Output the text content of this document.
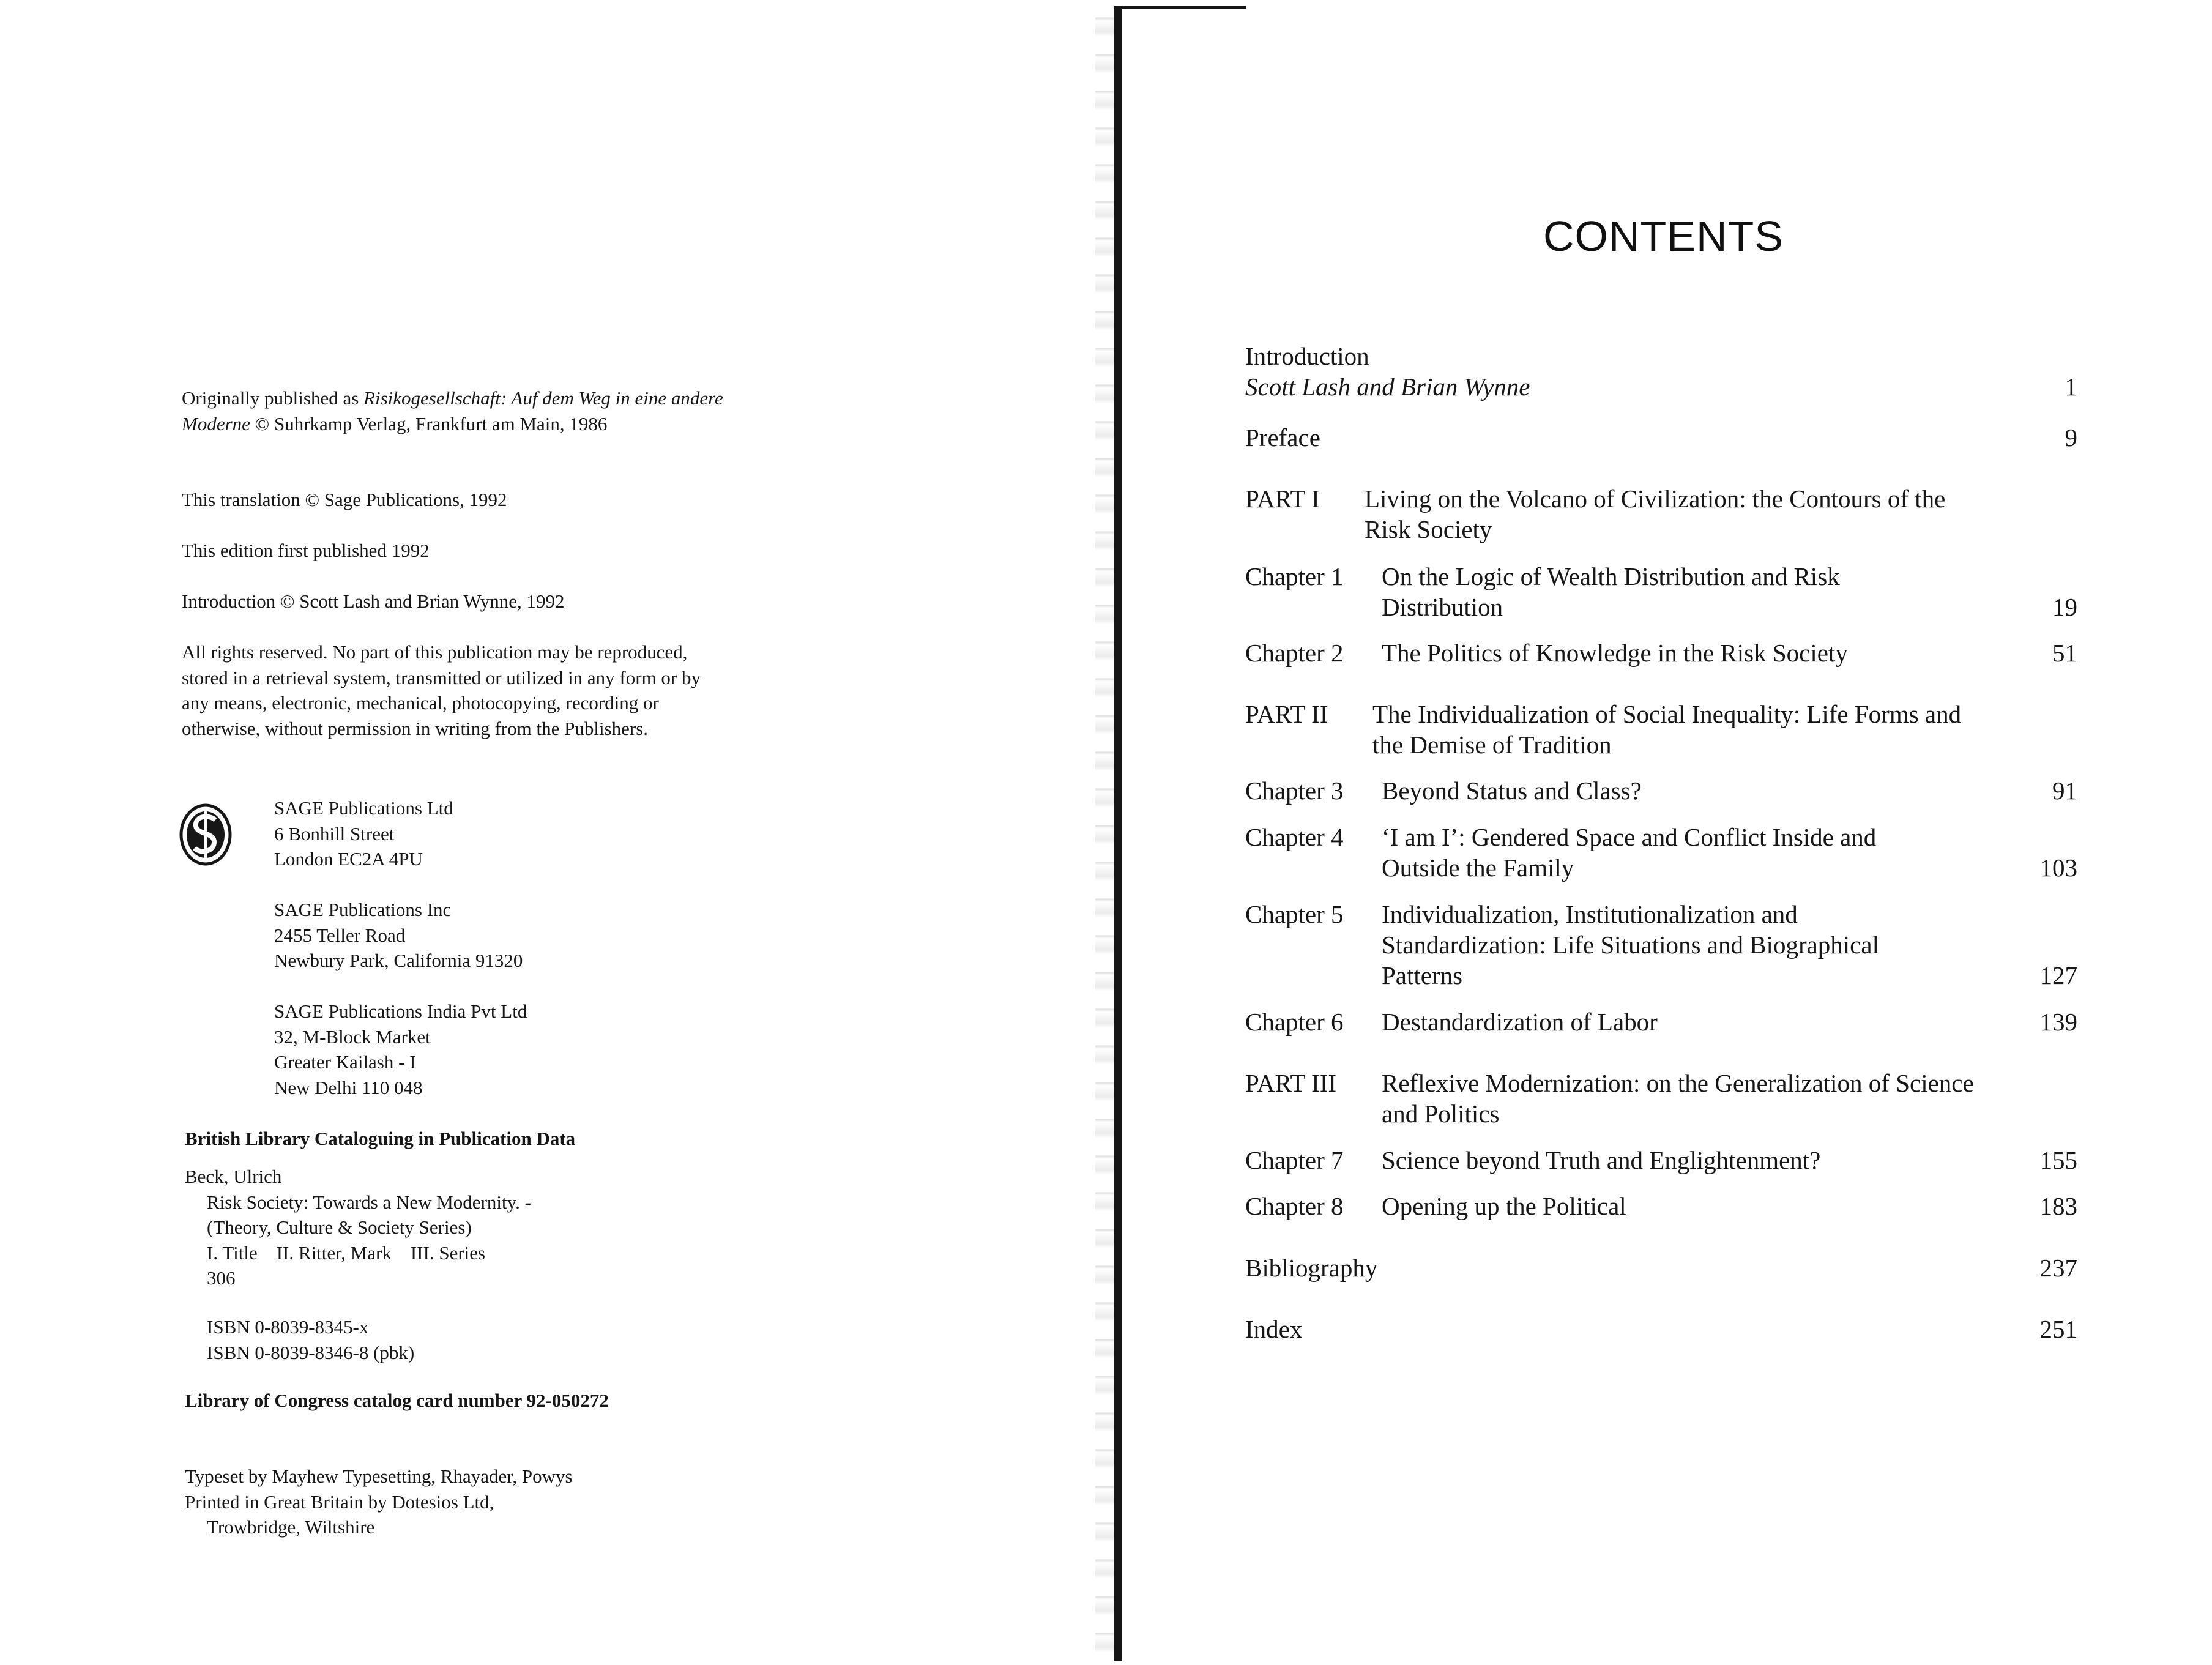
Originally published as Risikogesellschaft: Auf dem Weg in eine andere Moderne © Suhrkamp Verlag, Frankfurt am Main, 1986

This translation © Sage Publications, 1992

This edition first published 1992

Introduction © Scott Lash and Brian Wynne, 1992

All rights reserved. No part of this publication may be reproduced, stored in a retrieval system, transmitted or utilized in any form or by any means, electronic, mechanical, photocopying, recording or otherwise, without permission in writing from the Publishers.

SAGE Publications Ltd

6 Bonhill Street

London EC2A 4PU

SAGE Publications Inc

2455 Teller Road

Newbury Park, California 91320

SAGE Publications India Pvt Ltd

32, M-Block Market

Greater Kailash - I

New Delhi 110 048

British Library Cataloguing in Publication Data

Beck, Ulrich

Risk Society: Towards a New Modernity. -

(Theory, Culture & Society Series)

I. Title    II. Ritter, Mark    III. Series

306

ISBN 0-8039-8345-x

ISBN 0-8039-8346-8 (pbk)

Library of Congress catalog card number 92-050272

Typeset by Mayhew Typesetting, Rhayader, Powys

Printed in Great Britain by Dotesios Ltd,

Trowbridge, Wiltshire

CONTENTS
Introduction
Scott Lash and Brian Wynne	1
Preface	9
PART I Living on the Volcano of Civilization: the Contours of the
Risk Society
Chapter 1 On the Logic of Wealth Distribution and Risk
Distribution	19
Chapter 2 The Politics of Knowledge in the Risk Society	51
PART II The Individualization of Social Inequality: Life Forms and
the Demise of Tradition
Chapter 3 Beyond Status and Class?	91
Chapter 4 ‘I am I’: Gendered Space and Conflict Inside and
Outside the Family	103
Chapter 5 Individualization, Institutionalization and
Standardization: Life Situations and Biographical
Patterns	127
Chapter 6 Destandardization of Labor	139
PART III Reflexive Modernization: on the Generalization of Science
and Politics
Chapter 7 Science beyond Truth and Englightenment?	155
Chapter 8 Opening up the Political	183
Bibliography	237
Index	251
